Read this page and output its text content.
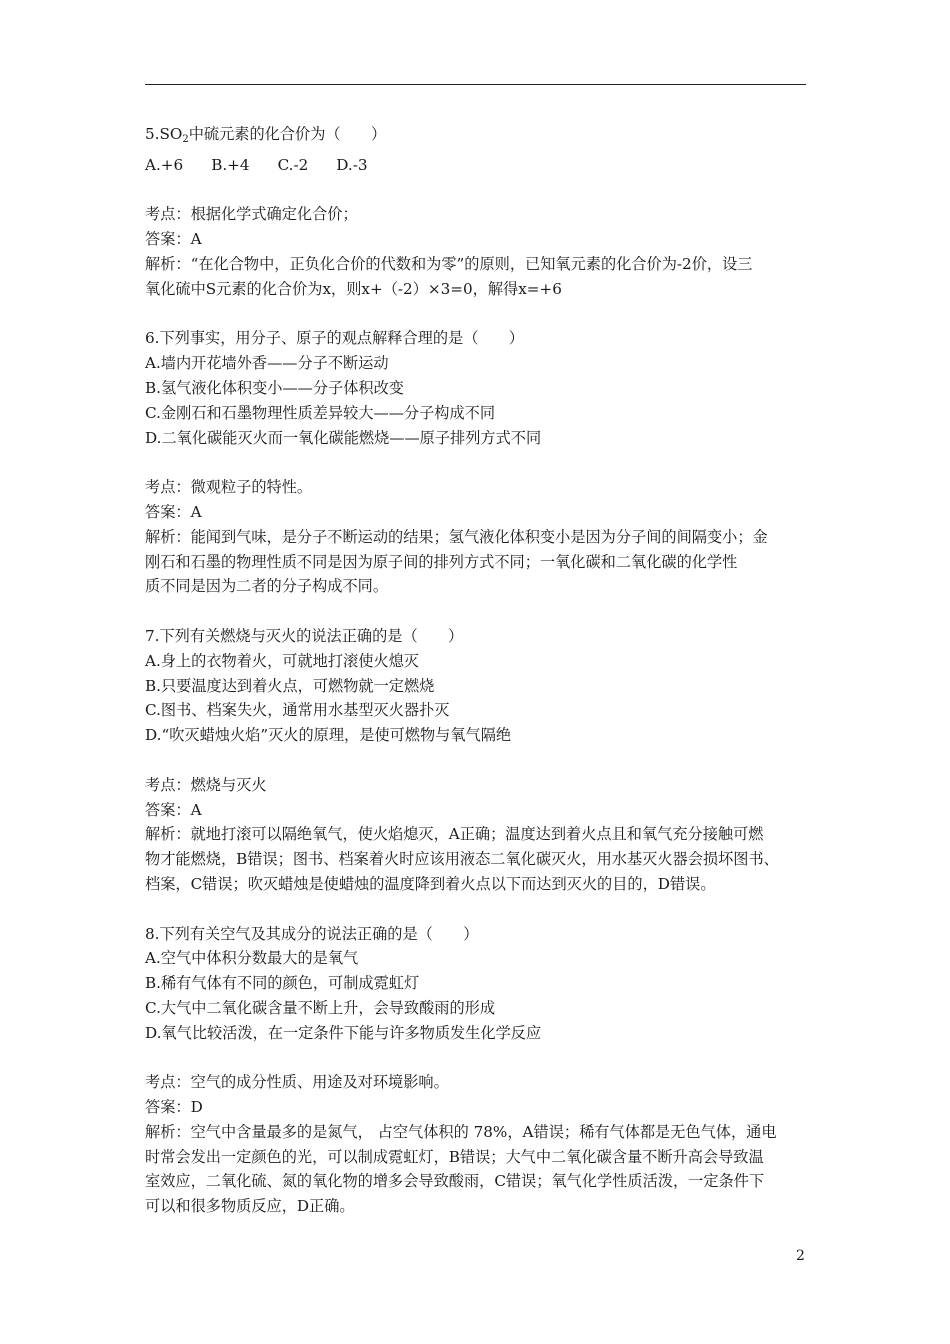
$5.SO_2$中硫元素的化合价为（　　）
A.+6 B.+4 C.-2 D.-3
考点：根据化学式确定化合价；
答案：A
解析：“在化合物中，正负化合价的代数和为零”的原则，已知氧元素的化合价为-2价，设三
氧化硫中S元素的化合价为x，则x+（-2）×3=0，解得x=+6
6.下列事实，用分子、原子的观点解释合理的是（　　）
A.墙内开花墙外香——分子不断运动
B.氢气液化体积变小——分子体积改变
C.金刚石和石墨物理性质差异较大——分子构成不同
D.二氧化碳能灭火而一氧化碳能燃烧——原子排列方式不同
考点：微观粒子的特性。
答案：A
解析：能闻到气味，是分子不断运动的结果；氢气液化体积变小是因为分子间的间隔变小；金
刚石和石墨的物理性质不同是因为原子间的排列方式不同；一氧化碳和二氧化碳的化学性
质不同是因为二者的分子构成不同。
7.下列有关燃烧与灭火的说法正确的是（　　）
A.身上的衣物着火，可就地打滚使火熄灭
B.只要温度达到着火点，可燃物就一定燃烧
C.图书、档案失火，通常用水基型灭火器扑灭
D.“吹灭蜡烛火焰”灭火的原理，是使可燃物与氧气隔绝
考点：燃烧与灭火
答案：A
解析：就地打滚可以隔绝氧气，使火焰熄灭，A正确；温度达到着火点且和氧气充分接触可燃
物才能燃烧，B错误；图书、档案着火时应该用液态二氧化碳灭火，用水基灭火器会损坏图书、
档案，C错误；吹灭蜡烛是使蜡烛的温度降到着火点以下而达到灭火的目的，D错误。
8.下列有关空气及其成分的说法正确的是（　　）
A.空气中体积分数最大的是氧气
B.稀有气体有不同的颜色，可制成霓虹灯
C.大气中二氧化碳含量不断上升，会导致酸雨的形成
D.氧气比较活泼，在一定条件下能与许多物质发生化学反应
考点：空气的成分性质、用途及对环境影响。
答案：D
解析：空气中含量最多的是氮气， 占空气体积的 78%，A错误；稀有气体都是无色气体，通电
时常会发出一定颜色的光，可以制成霓虹灯，B错误；大气中二氧化碳含量不断升高会导致温
室效应，二氧化硫、氮的氧化物的增多会导致酸雨，C错误；氧气化学性质活泼，一定条件下
可以和很多物质反应，D正确。
2
